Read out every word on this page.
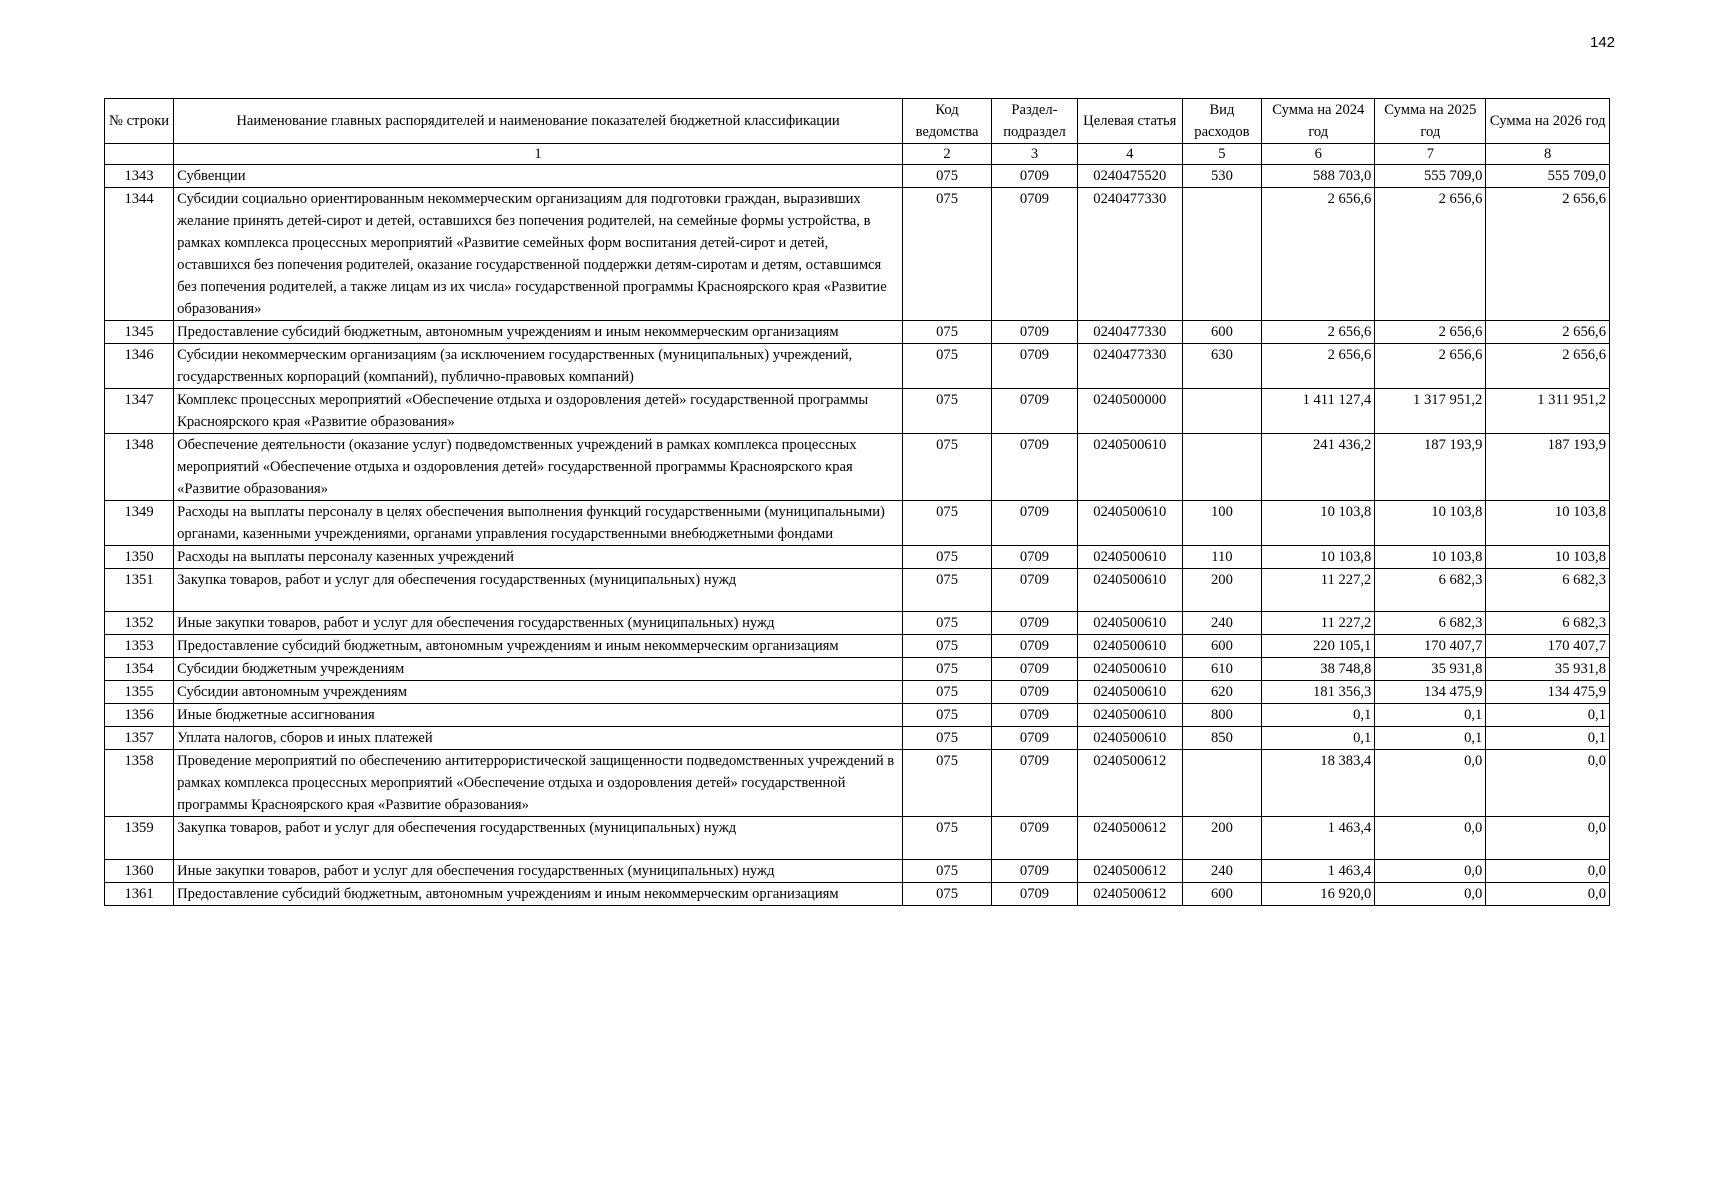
142
№ строки	Наименование главных распорядителей и наименование показателей бюджетной классификации	Код ведомства	Раздел-подраздел	Целевая статья	Вид расходов	Сумма на 2024 год	Сумма на 2025 год	Сумма на 2026 год
	1	2	3	4	5	6	7	8
1343	Субвенции	075	0709	0240475520	530	588 703,0	555 709,0	555 709,0
1344	Субсидии социально ориентированным некоммерческим организациям для подготовки граждан, выразивших желание принять детей-сирот и детей, оставшихся без попечения родителей, на семейные формы устройства, в рамках комплекса процессных мероприятий «Развитие семейных форм воспитания детей-сирот и детей, оставшихся без попечения родителей, оказание государственной поддержки детям-сиротам и детям, оставшимся без попечения родителей, а также лицам из их числа» государственной программы Красноярского края «Развитие образования»	075	0709	0240477330		2 656,6	2 656,6	2 656,6
1345	Предоставление субсидий бюджетным, автономным учреждениям и иным некоммерческим организациям	075	0709	0240477330	600	2 656,6	2 656,6	2 656,6
1346	Субсидии некоммерческим организациям (за исключением государственных (муниципальных) учреждений, государственных корпораций (компаний), публично-правовых компаний)	075	0709	0240477330	630	2 656,6	2 656,6	2 656,6
1347	Комплекс процессных мероприятий «Обеспечение отдыха и оздоровления детей» государственной программы Красноярского края «Развитие образования»	075	0709	0240500000		1 411 127,4	1 317 951,2	1 311 951,2
1348	Обеспечение деятельности (оказание услуг) подведомственных учреждений в рамках комплекса процессных мероприятий «Обеспечение отдыха и оздоровления детей» государственной программы Красноярского края «Развитие образования»	075	0709	0240500610		241 436,2	187 193,9	187 193,9
1349	Расходы на выплаты персоналу в целях обеспечения выполнения функций государственными (муниципальными) органами, казенными учреждениями, органами управления государственными внебюджетными фондами	075	0709	0240500610	100	10 103,8	10 103,8	10 103,8
1350	Расходы на выплаты персоналу казенных учреждений	075	0709	0240500610	110	10 103,8	10 103,8	10 103,8
1351	Закупка товаров, работ и услуг для обеспечения государственных (муниципальных) нужд	075	0709	0240500610	200	11 227,2	6 682,3	6 682,3
1352	Иные закупки товаров, работ и услуг для обеспечения государственных (муниципальных) нужд	075	0709	0240500610	240	11 227,2	6 682,3	6 682,3
1353	Предоставление субсидий бюджетным, автономным учреждениям и иным некоммерческим организациям	075	0709	0240500610	600	220 105,1	170 407,7	170 407,7
1354	Субсидии бюджетным учреждениям	075	0709	0240500610	610	38 748,8	35 931,8	35 931,8
1355	Субсидии автономным учреждениям	075	0709	0240500610	620	181 356,3	134 475,9	134 475,9
1356	Иные бюджетные ассигнования	075	0709	0240500610	800	0,1	0,1	0,1
1357	Уплата налогов, сборов и иных платежей	075	0709	0240500610	850	0,1	0,1	0,1
1358	Проведение мероприятий по обеспечению антитеррористической защищенности подведомственных учреждений в рамках комплекса процессных мероприятий «Обеспечение отдыха и оздоровления детей» государственной программы Красноярского края «Развитие образования»	075	0709	0240500612		18 383,4	0,0	0,0
1359	Закупка товаров, работ и услуг для обеспечения государственных (муниципальных) нужд	075	0709	0240500612	200	1 463,4	0,0	0,0
1360	Иные закупки товаров, работ и услуг для обеспечения государственных (муниципальных) нужд	075	0709	0240500612	240	1 463,4	0,0	0,0
1361	Предоставление субсидий бюджетным, автономным учреждениям и иным некоммерческим организациям	075	0709	0240500612	600	16 920,0	0,0	0,0
